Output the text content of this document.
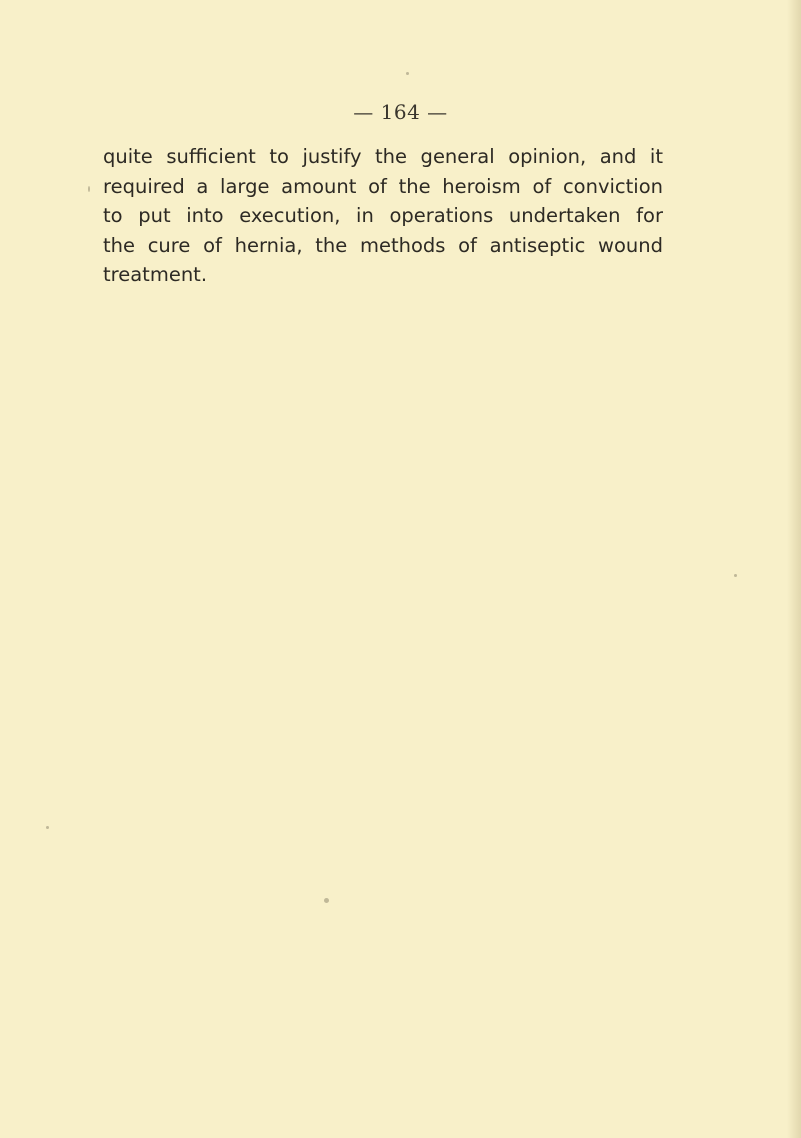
— 164 —

quite sufficient to justify the general opinion, and it
required a large amount of the heroism of conviction
to put into execution, in operations undertaken for
the cure of hernia, the methods of antiseptic wound
treatment.
